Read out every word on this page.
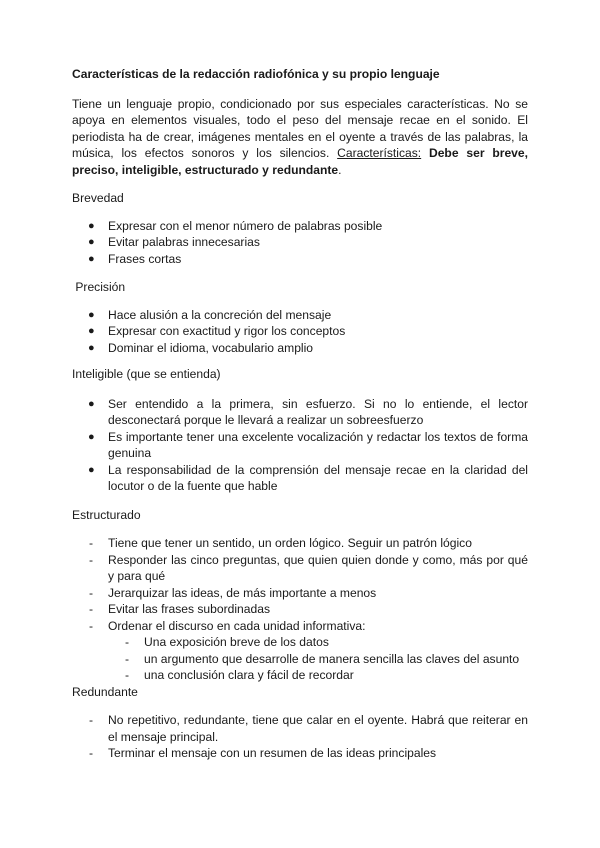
Características de la redacción radiofónica y su propio lenguaje

Tiene un lenguaje propio, condicionado por sus especiales características. No se apoya en elementos visuales, todo el peso del mensaje recae en el sonido. El periodista ha de crear, imágenes mentales en el oyente a través de las palabras, la música, los efectos sonoros y los silencios. Características: Debe ser breve, preciso, inteligible, estructurado y redundante.

Brevedad

● Expresar con el menor número de palabras posible
● Evitar palabras innecesarias
● Frases cortas

Precisión

● Hace alusión a la concreción del mensaje
● Expresar con exactitud y rigor los conceptos
● Dominar el idioma, vocabulario amplio

Inteligible (que se entienda)

● Ser entendido a la primera, sin esfuerzo. Si no lo entiende, el lector desconectará porque le llevará a realizar un sobreesfuerzo
● Es importante tener una excelente vocalización y redactar los textos de forma genuina
● La responsabilidad de la comprensión del mensaje recae en la claridad del locutor o de la fuente que hable

Estructurado

- Tiene que tener un sentido, un orden lógico. Seguir un patrón lógico
- Responder las cinco preguntas, que quien quien donde y como, más por qué y para qué
- Jerarquizar las ideas, de más importante a menos
- Evitar las frases subordinadas
- Ordenar el discurso en cada unidad informativa:
- Una exposición breve de los datos
- un argumento que desarrolle de manera sencilla las claves del asunto
- una conclusión clara y fácil de recordar

Redundante

- No repetitivo, redundante, tiene que calar en el oyente. Habrá que reiterar en el mensaje principal.
- Terminar el mensaje con un resumen de las ideas principales
